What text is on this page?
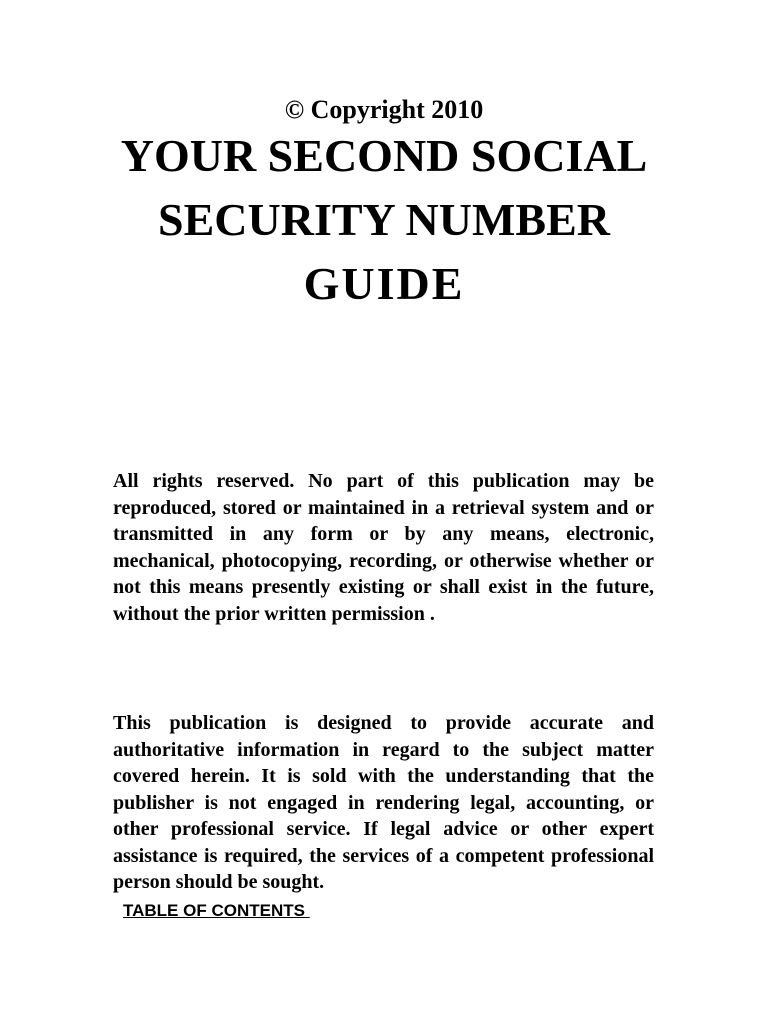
© Copyright 2010

YOUR SECOND SOCIAL
SECURITY NUMBER
GUIDE

All rights reserved. No part of this publication may be reproduced, stored or maintained in a retrieval system and or transmitted in any form or by any means, electronic, mechanical, photocopying, recording, or otherwise whether or not this means presently existing or shall exist in the future, without the prior written permission .

This publication is designed to provide accurate and authoritative information in regard to the subject matter covered herein. It is sold with the understanding that the publisher is not engaged in rendering legal, accounting, or other professional service. If legal advice or other expert assistance is required, the services of a competent professional person should be sought.

TABLE OF CONTENTS
